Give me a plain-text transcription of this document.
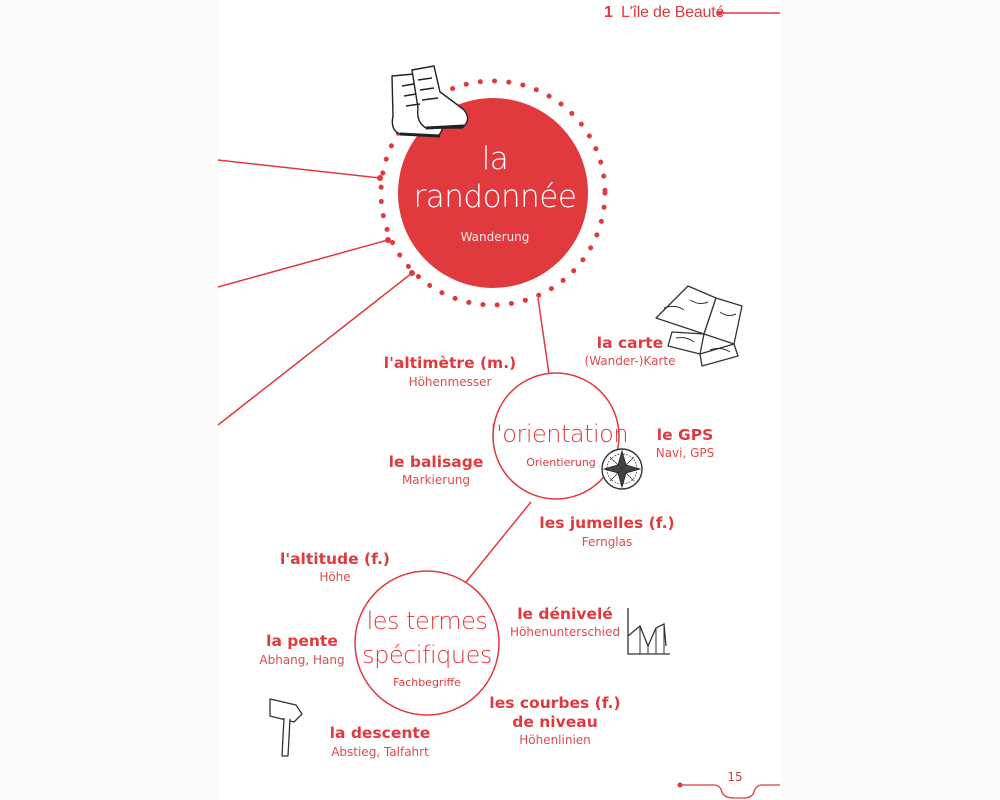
1 L'île de Beauté
la
randonnée
Wanderung
l'orientation
Orientierung
les termes
spécifiques
Fachbegriffe
la carte
(Wander-)Karte
l'altimètre (m.)
Höhenmesser
le GPS
Navi, GPS
le balisage
Markierung
les jumelles (f.)
Fernglas
l'altitude (f.)
Höhe
le dénivelé
Höhenunterschied
la pente
Abhang, Hang
les courbes (f.)
de niveau
Höhenlinien
la descente
Abstieg, Talfahrt
15
